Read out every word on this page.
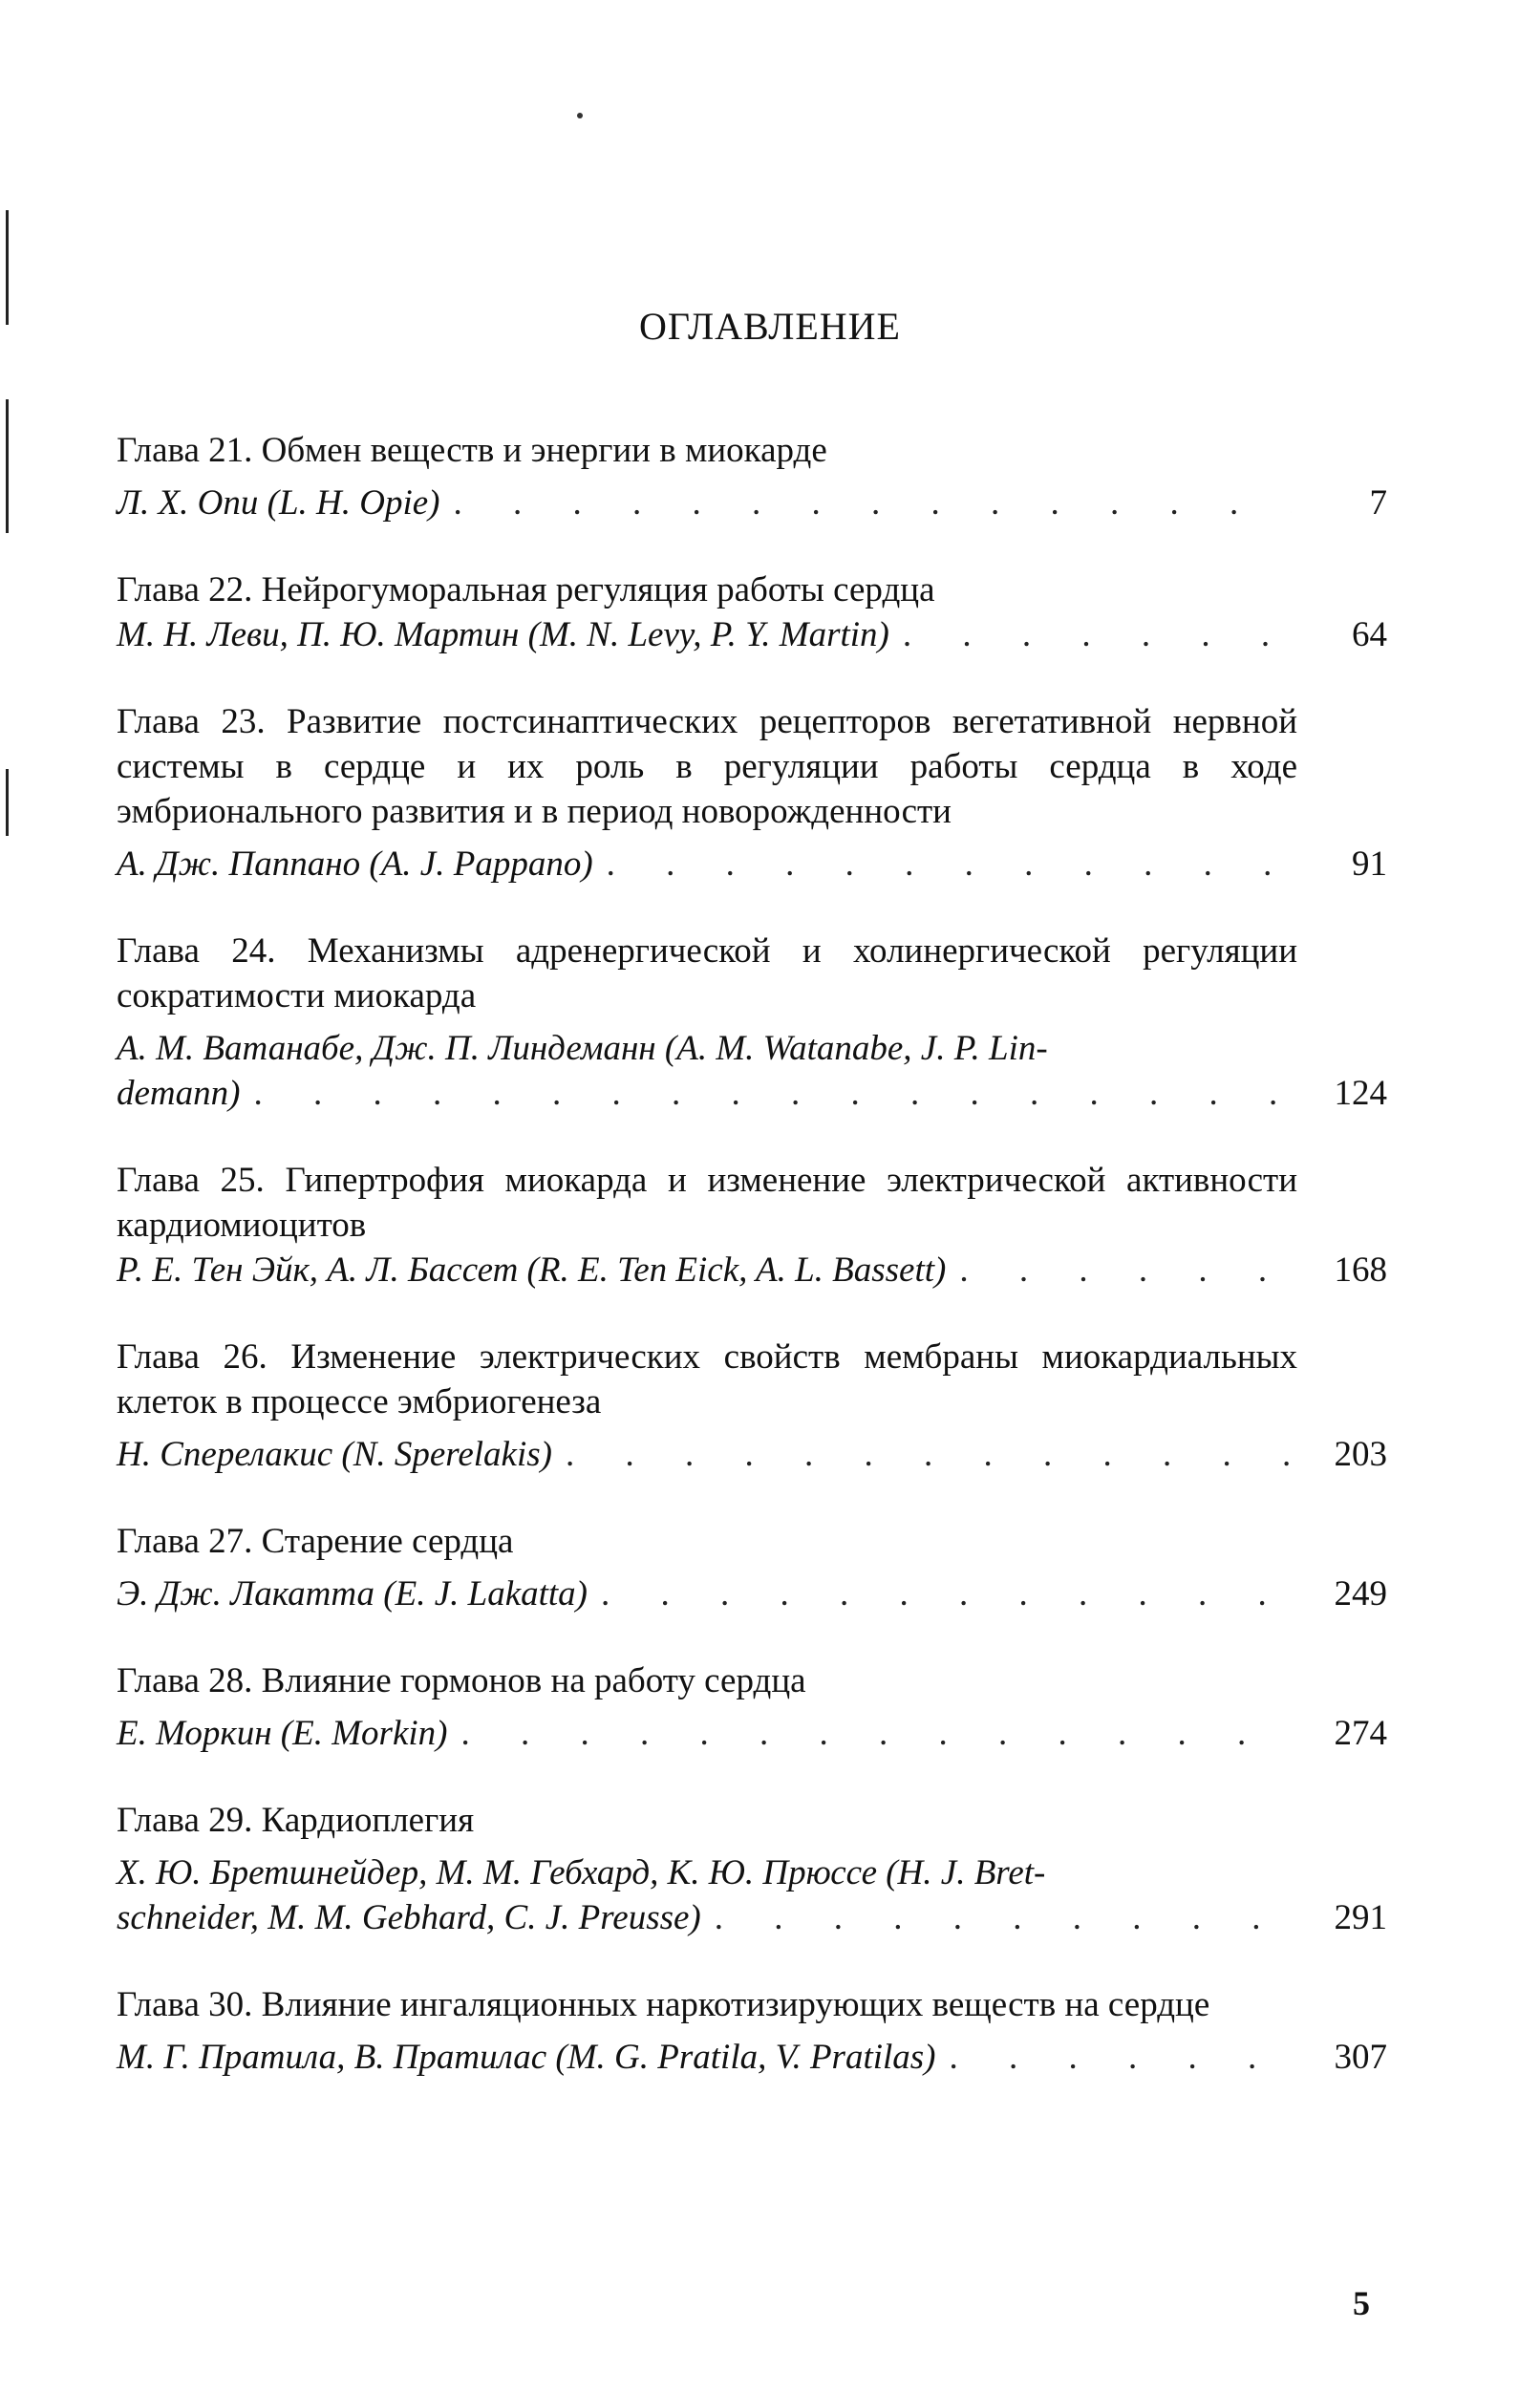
ОГЛАВЛЕНИЕ
Глава 21. Обмен веществ и энергии в миокарде
Л. Х. Опи (L. H. Opie) . . .	7
Глава 22. Нейрогуморальная регуляция работы сердца
М. Н. Леви, П. Ю. Мартин (M. N. Levy, P. Y. Martin) . . .	64
Глава 23. Развитие постсинаптических рецепторов вегетативной нервной системы в сердце и их роль в регуляции работы сердца в ходе эмбрионального развития и в период новорожденности
А. Дж. Паппано (А. J. Pappano) . . .	91
Глава 24. Механизмы адренергической и холинергической регуляции сократимости миокарда
А. М. Ватанабе, Дж. П. Линдеманн (A. M. Watanabe, J. P. Lin-
demann) . . .	124
Глава 25. Гипертрофия миокарда и изменение электрической активности кардиомиоцитов
Р. Е. Тен Эйк, А. Л. Бассет (R. E. Ten Eick, A. L. Bassett) . . .	168
Глава 26. Изменение электрических свойств мембраны миокардиальных клеток в процессе эмбриогенеза
Н. Сперелакис (N. Sperelakis) . . .	203
Глава 27. Старение сердца
Э. Дж. Лакатта (E. J. Lakatta) . . .	249
Глава 28. Влияние гормонов на работу сердца
Е. Моркин (E. Morkin) . . .	274
Глава 29. Кардиоплегия
Х. Ю. Бретшнейдер, М. М. Гебхард, К. Ю. Прюссе (H. J. Bret-
schneider, M. M. Gebhard, C. J. Preusse) . . .	291
Глава 30. Влияние ингаляционных наркотизирующих веществ на сердце
М. Г. Пратила, В. Пратилас (M. G. Pratila, V. Pratilas) . . .	307
5
